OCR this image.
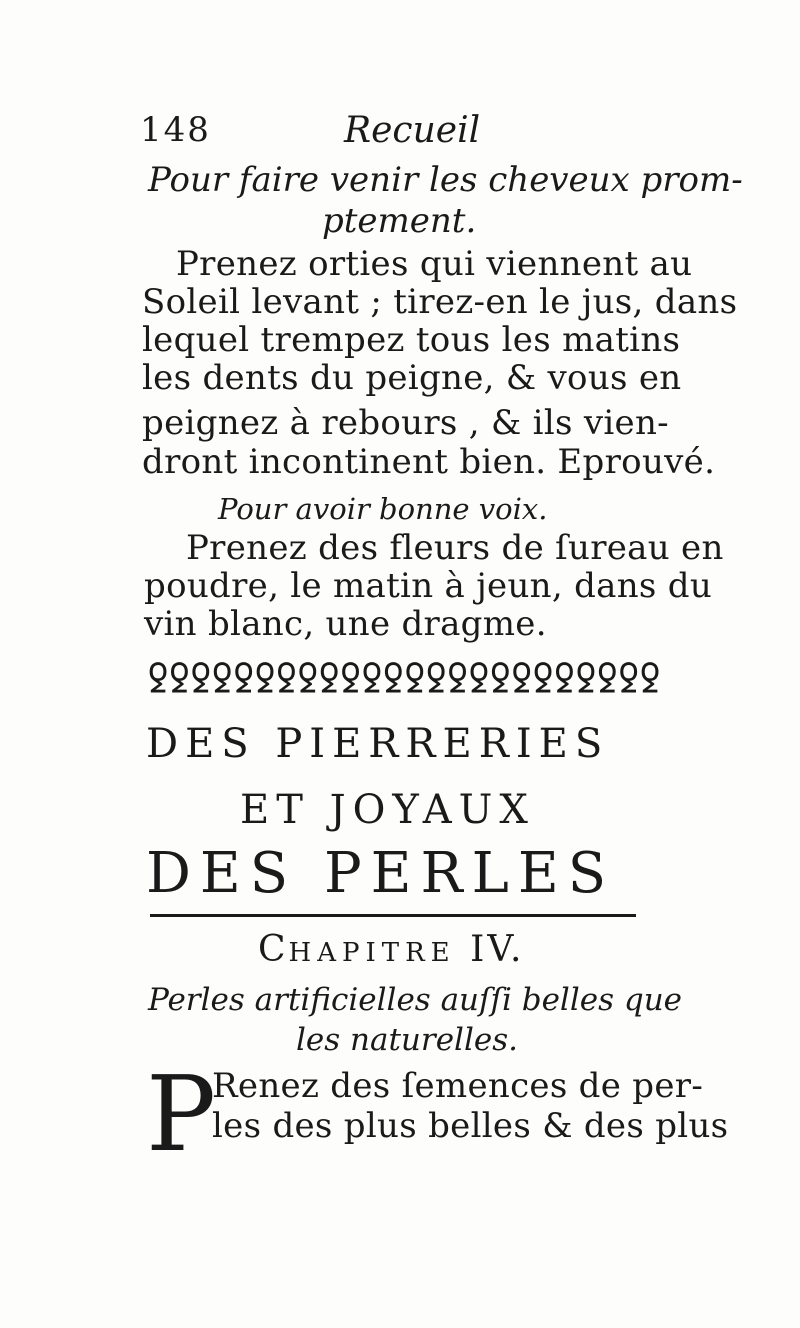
148	Recueil
Pour faire venir les cheveux prom-
ptement.
Prenez orties qui viennent au
Soleil levant ; tirez-en le jus, dans
lequel trempez tous les matins
les dents du peigne, & vous en
peignez à rebours , & ils vien-
dront incontinent bien. Eprouvé.
Pour avoir bonne voix.
Prenez des fleurs de ſureau en
poudre, le matin à jeun, dans du
vin blanc, une dragme.
ꝿ ꝿ ꝿ ꝿ ꝿ ꝿ ꝿ ꝿ ꝿ ꝿ ꝿ ꝿ ꝿ ꝿ ꝿ ꝿ ꝿ ꝿ ꝿ ꝿ ꝿ ꝿ ꝿ ꝿ
DES PIERRERIES
ET JOYAUX
DES PERLES
CHAPITRE IV.
Perles artificielles auſſi belles que
les naturelles.
P
Renez des ſemences de per-
les des plus belles & des plus
